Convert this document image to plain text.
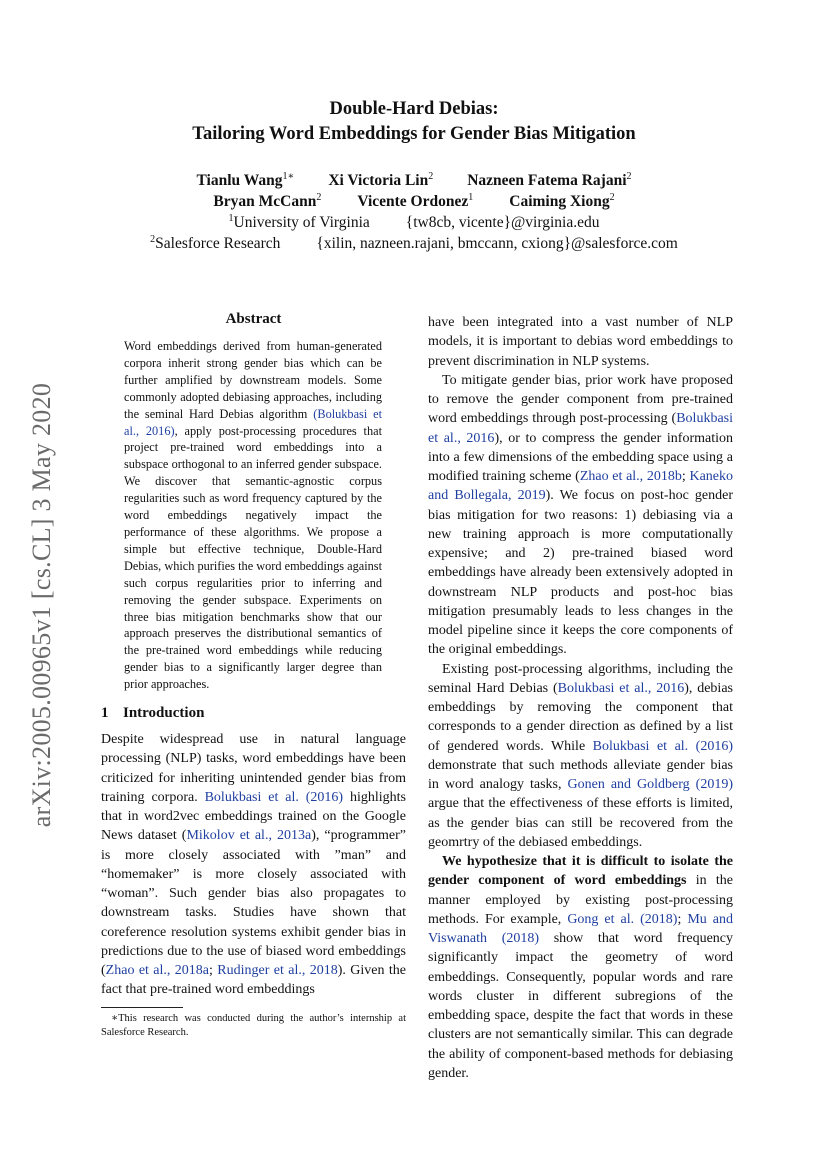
arXiv:2005.00965v1 [cs.CL] 3 May 2020
Double-Hard Debias:
Tailoring Word Embeddings for Gender Bias Mitigation
Tianlu Wang$^{1∗}$ Xi Victoria Lin$^2$ Nazneen Fatema Rajani$^2$
Bryan McCann$^2$ Vicente Ordonez$^1$ Caiming Xiong$^2$
$^1$University of Virginia {tw8cb, vicente}@virginia.edu
$^2$Salesforce Research {xilin, nazneen.rajani, bmccann, cxiong}@salesforce.com
Abstract
Word embeddings derived from human-generated corpora inherit strong gender bias which can be further amplified by downstream models. Some commonly adopted debiasing approaches, including the seminal Hard Debias algorithm (Bolukbasi et al., 2016), apply post-processing procedures that project pre-trained word embeddings into a subspace orthogonal to an inferred gender subspace. We discover that semantic-agnostic corpus regularities such as word frequency captured by the word embeddings negatively impact the performance of these algorithms. We propose a simple but effective technique, Double-Hard Debias, which purifies the word embeddings against such corpus regularities prior to inferring and removing the gender subspace. Experiments on three bias mitigation benchmarks show that our approach preserves the distributional semantics of the pre-trained word embeddings while reducing gender bias to a significantly larger degree than prior approaches.
1 Introduction

Despite widespread use in natural language processing (NLP) tasks, word embeddings have been criticized for inheriting unintended gender bias from training corpora. Bolukbasi et al. (2016) highlights that in word2vec embeddings trained on the Google News dataset (Mikolov et al., 2013a), “programmer” is more closely associated with ”man” and “homemaker” is more closely associated with “woman”. Such gender bias also propagates to downstream tasks. Studies have shown that coreference resolution systems exhibit gender bias in predictions due to the use of biased word embeddings (Zhao et al., 2018a; Rudinger et al., 2018). Given the fact that pre-trained word embeddings

∗This research was conducted during the author’s internship at Salesforce Research.

have been integrated into a vast number of NLP models, it is important to debias word embeddings to prevent discrimination in NLP systems.

To mitigate gender bias, prior work have proposed to remove the gender component from pre-trained word embeddings through post-processing (Bolukbasi et al., 2016), or to compress the gender information into a few dimensions of the embedding space using a modified training scheme (Zhao et al., 2018b; Kaneko and Bollegala, 2019). We focus on post-hoc gender bias mitigation for two reasons: 1) debiasing via a new training approach is more computationally expensive; and 2) pre-trained biased word embeddings have already been extensively adopted in downstream NLP products and post-hoc bias mitigation presumably leads to less changes in the model pipeline since it keeps the core components of the original embeddings.

Existing post-processing algorithms, including the seminal Hard Debias (Bolukbasi et al., 2016), debias embeddings by removing the component that corresponds to a gender direction as defined by a list of gendered words. While Bolukbasi et al. (2016) demonstrate that such methods alleviate gender bias in word analogy tasks, Gonen and Goldberg (2019) argue that the effectiveness of these efforts is limited, as the gender bias can still be recovered from the geomrtry of the debiased embeddings.

We hypothesize that it is difficult to isolate the gender component of word embeddings in the manner employed by existing post-processing methods. For example, Gong et al. (2018); Mu and Viswanath (2018) show that word frequency significantly impact the geometry of word embeddings. Consequently, popular words and rare words cluster in different subregions of the embedding space, despite the fact that words in these clusters are not semantically similar. This can degrade the ability of component-based methods for debiasing gender.
